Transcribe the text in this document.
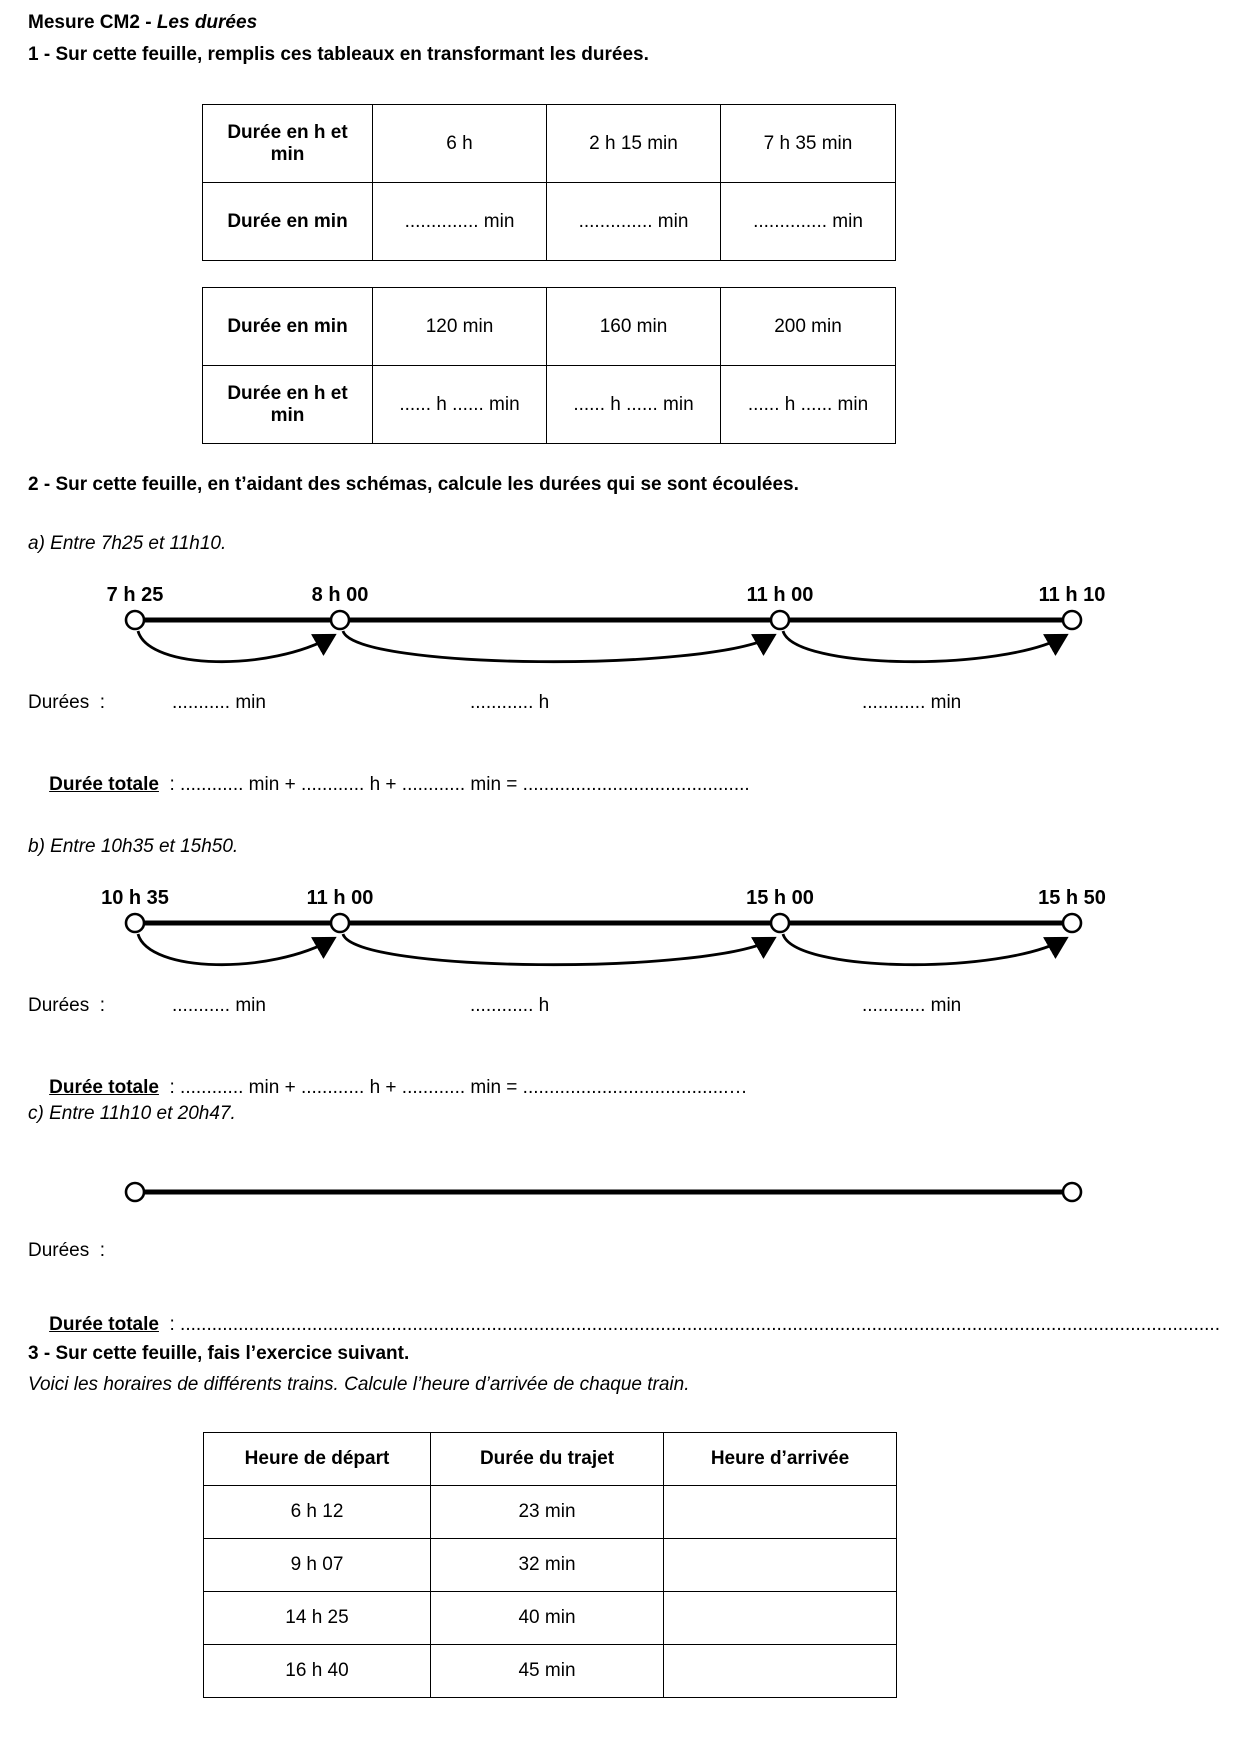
Mesure CM2 - Les durées
1 - Sur cette feuille, remplis ces tableaux en transformant les durées.
Durée en h et min	6 h	2 h 15 min	7 h 35 min
Durée en min	.............. min	.............. min	.............. min
Durée en min	120 min	160 min	200 min
Durée en h et min	...... h ...... min	...... h ...... min	...... h ...... min
2 - Sur cette feuille, en t’aidant des schémas, calcule les durées qui se sont écoulées.
a) Entre 7h25 et 11h10.
7 h 25	8 h 00	11 h 00	11 h 10
Durées  :	........... min	............ h	............ min

Durée totale  : ............ min + ............ h + ............ min = ...........................................

b) Entre 10h35 et 15h50.
10 h 35	11 h 00	15 h 00	15 h 50
Durées  :	........... min	............ h	............ min

Durée totale  : ............ min + ............ h + ............ min = .......................................…

c) Entre 11h10 et 20h47.
Durées  :

Durée totale  : .....................................................................................................................................................................................................

3 - Sur cette feuille, fais l’exercice suivant.
Voici les horaires de différents trains. Calcule l’heure d’arrivée de chaque train.
Heure de départ	Durée du trajet	Heure d’arrivée
6 h 12	23 min	
9 h 07	32 min	
14 h 25	40 min	
16 h 40	45 min	
